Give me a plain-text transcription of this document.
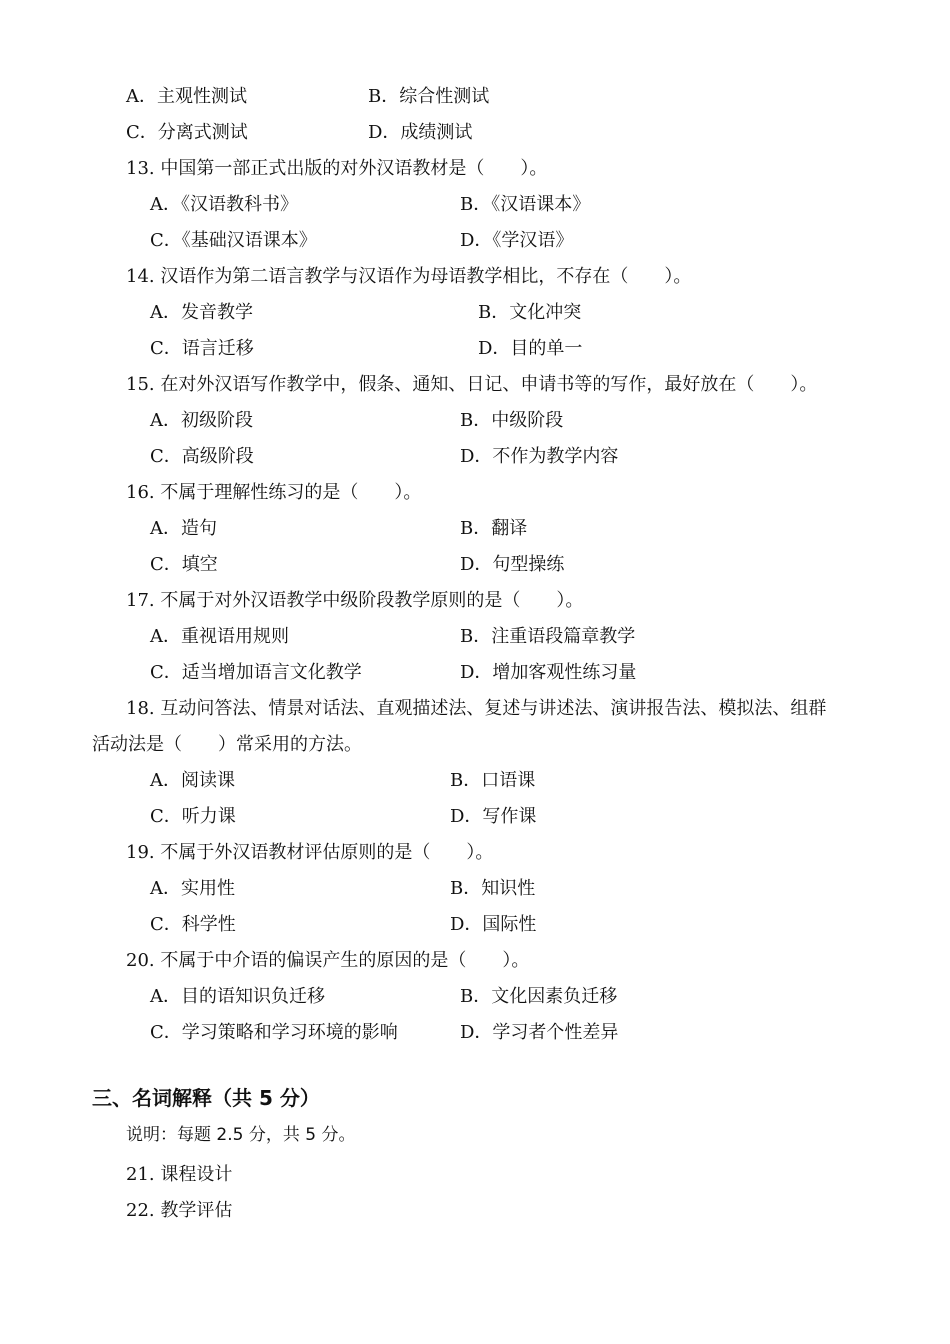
A．主观性测试	B．综合性测试
C．分离式测试	D．成绩测试
13. 中国第一部正式出版的对外汉语教材是（　　）。
A．《汉语教科书》	B．《汉语课本》
C．《基础汉语课本》	D．《学汉语》
14. 汉语作为第二语言教学与汉语作为母语教学相比，不存在（　　）。
A．发音教学	B．文化冲突
C．语言迁移	D．目的单一
15. 在对外汉语写作教学中，假条、通知、日记、申请书等的写作，最好放在（　　）。
A．初级阶段	B．中级阶段
C．高级阶段	D．不作为教学内容
16. 不属于理解性练习的是（　　）。
A．造句	B．翻译
C．填空	D．句型操练
17. 不属于对外汉语教学中级阶段教学原则的是（　　）。
A．重视语用规则	B．注重语段篇章教学
C．适当增加语言文化教学	D．增加客观性练习量
18. 互动问答法、情景对话法、直观描述法、复述与讲述法、演讲报告法、模拟法、组群
活动法是（　　）常采用的方法。
A．阅读课	B．口语课
C．听力课	D．写作课
19. 不属于外汉语教材评估原则的是（　　）。
A．实用性	B．知识性
C．科学性	D．国际性
20. 不属于中介语的偏误产生的原因的是（　　）。
A．目的语知识负迁移	B．文化因素负迁移
C．学习策略和学习环境的影响	D．学习者个性差异
三、名词解释（共 5 分）
说明：每题 2.5 分，共 5 分。
21. 课程设计
22. 教学评估
